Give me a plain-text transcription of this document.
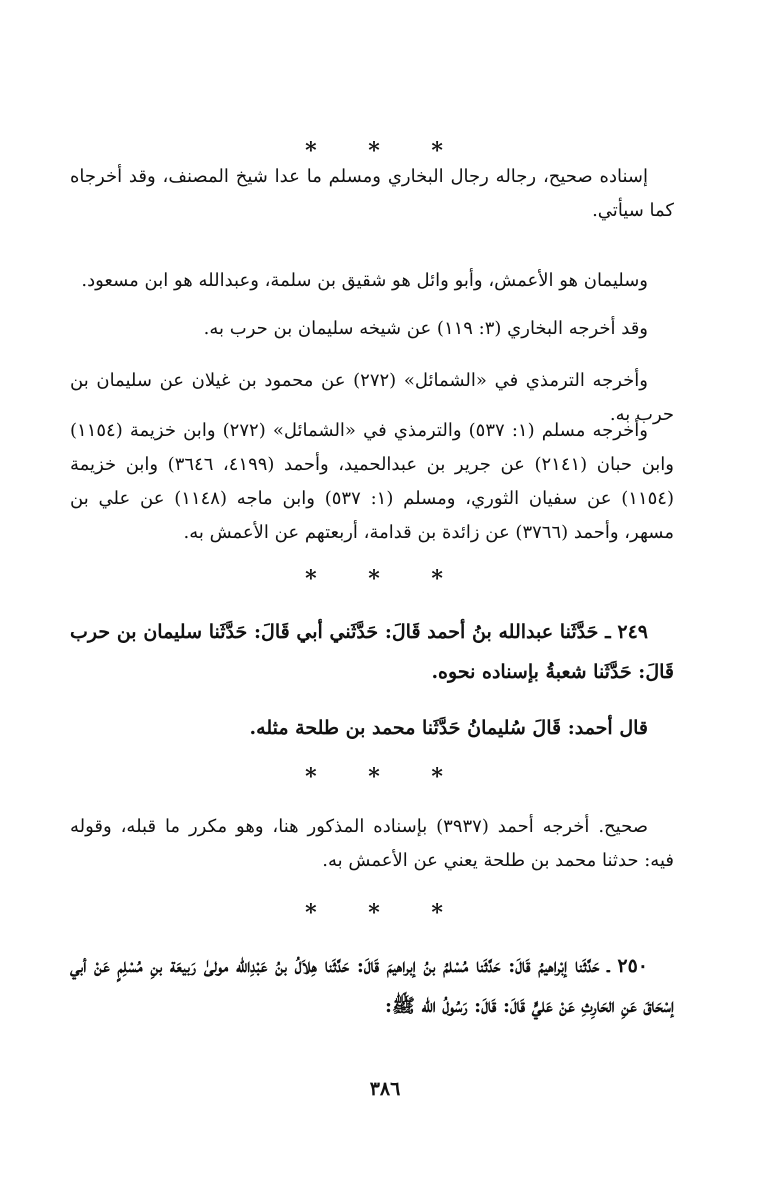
* * *

إسناده صحيح، رجاله رجال البخاري ومسلم ما عدا شيخ المصنف، وقد أخرجاه كما سيأتي.

وسليمان هو الأعمش، وأبو وائل هو شقيق بن سلمة، وعبدالله هو ابن مسعود.

وقد أخرجه البخاري (٣: ١١٩) عن شيخه سليمان بن حرب به.

وأخرجه الترمذي في «الشمائل» (٢٧٢) عن محمود بن غيلان عن سليمان بن حرب به.

وأخرجه مسلم (١: ٥٣٧) والترمذي في «الشمائل» (٢٧٢) وابن خزيمة (١١٥٤) وابن حبان (٢١٤١) عن جرير بن عبدالحميد، وأحمد (٤١٩٩، ٣٦٤٦) وابن خزيمة (١١٥٤) عن سفيان الثوري، ومسلم (١: ٥٣٧) وابن ماجه (١١٤٨) عن علي بن مسهر، وأحمد (٣٧٦٦) عن زائدة بن قدامة، أربعتهم عن الأعمش به.

* * *

٢٤٩ ـ حَدَّثَنا عبدالله بنُ أحمد قَالَ: حَدَّثَني أبي قَالَ: حَدَّثَنا سليمان بن حرب قَالَ: حَدَّثَنا شعبةُ بإسناده نحوه.

قال أحمد: قَالَ سُليمانُ حَدَّثَنا محمد بن طلحة مثله.

* * *

صحيح. أخرجه أحمد (٣٩٣٧) بإسناده المذكور هنا، وهو مكرر ما قبله، وقوله فيه: حدثنا محمد بن طلحة يعني عن الأعمش به.

* * *

٢٥٠ ـ حَدَّثَنا إبْراهيمُ قَالَ: حَدَّثَنا مُسْلمُ بنُ إبراهيمَ قَالَ: حَدَّثَنا هِلاَلُ بنُ عَبْدِالله مولىٰ رَبيعَة بنِ مُسْلِمٍ عَنْ أبي إسْحَاقَ عَنِ الحَارِثِ عَنْ عَليٍّ قَالَ: قَالَ: رَسُولُ الله ﷺ:

٣٨٦
